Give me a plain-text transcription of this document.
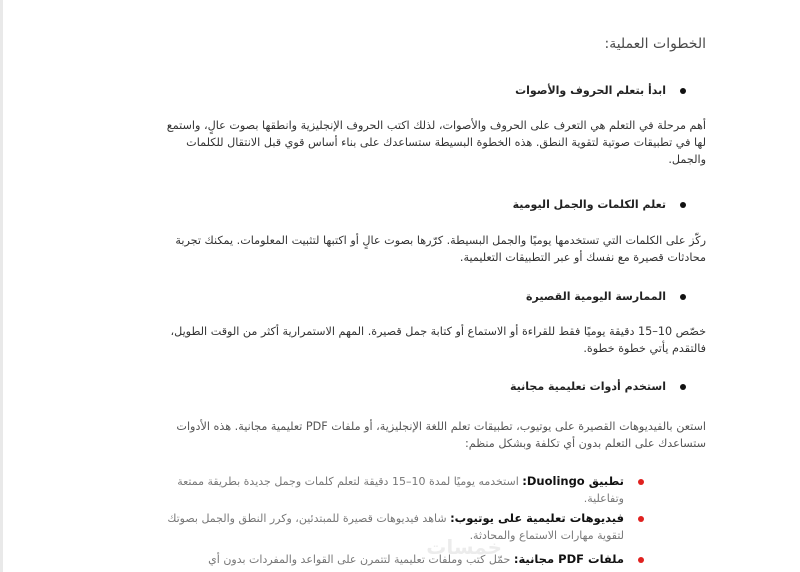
الخطوات العملية:
ابدأ بتعلم الحروف والأصوات
أهم مرحلة في التعلم هي التعرف على الحروف والأصوات، لذلك اكتب الحروف الإنجليزية وانطقها بصوت عالٍ، واستمع لها في تطبيقات صوتية لتقوية النطق. هذه الخطوة البسيطة ستساعدك على بناء أساس قوي قبل الانتقال للكلمات والجمل.
تعلم الكلمات والجمل اليومية
ركّز على الكلمات التي تستخدمها يوميًا والجمل البسيطة. كرّرها بصوت عالٍ أو اكتبها لتثبيت المعلومات. يمكنك تجربة محادثات قصيرة مع نفسك أو عبر التطبيقات التعليمية.
الممارسة اليومية القصيرة
خصّص 10–15 دقيقة يوميًا فقط للقراءة أو الاستماع أو كتابة جمل قصيرة. المهم الاستمرارية أكثر من الوقت الطويل، فالتقدم يأتي خطوة خطوة.
استخدم أدوات تعليمية مجانية
استعن بالفيديوهات القصيرة على يوتيوب، تطبيقات تعلم اللغة الإنجليزية، أو ملفات PDF تعليمية مجانية. هذه الأدوات ستساعدك على التعلم بدون أي تكلفة وبشكل منظم:
تطبيق Duolingo: استخدمه يوميًا لمدة 10–15 دقيقة لتعلم كلمات وجمل جديدة بطريقة ممتعة وتفاعلية.
فيديوهات تعليمية على يوتيوب: شاهد فيديوهات قصيرة للمبتدئين، وكرر النطق والجمل بصوتك لتقوية مهارات الاستماع والمحادثة.
ملفات PDF مجانية: حمّل كتب وملفات تعليمية لتتمرن على القواعد والمفردات بدون أي
خمسات
